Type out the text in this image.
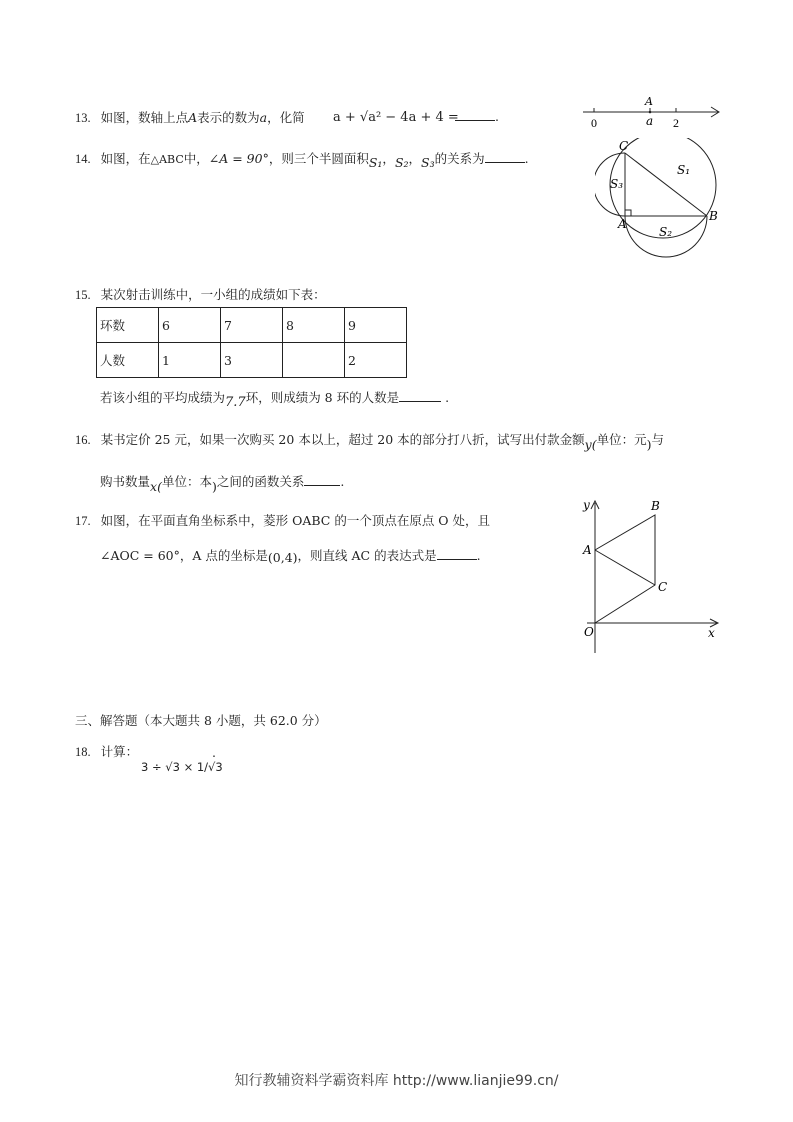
13. 如图，数轴上点A表示的数为a，化简 a + √a² − 4a + 4 =	.
A
0	a 2
14. 如图，在△ABC中，∠A = 90°，则三个半圆面积S₁，S₂，S₃的关系为	.
C
A
B
S₁
S₂
S₃
15. 某次射击训练中，一小组的成绩如下表：
环数	6	7	8	9
人数	1	3		2
若该小组的平均成绩为7.7环，则成绩为 8 环的人数是	.
16. 某书定价 25 元，如果一次购买 20 本以上，超过 20 本的部分打八折，试写出付款金额y(单位：元)与
购书数量x(单位：本)之间的函数关系	.
17. 如图，在平面直角坐标系中，菱形 OABC 的一个顶点在原点 O 处，且
∠AOC = 60°，A 点的坐标是(0,4)，则直线 AC 的表达式是	.
y
x
O
A
B
C
三、解答题（本大题共 8 小题，共 62.0 分）
18. 计算：
3 ÷ √3 × 1/√3
.
知行教辅资料学霸资料库 http://www.lianjie99.cn/
